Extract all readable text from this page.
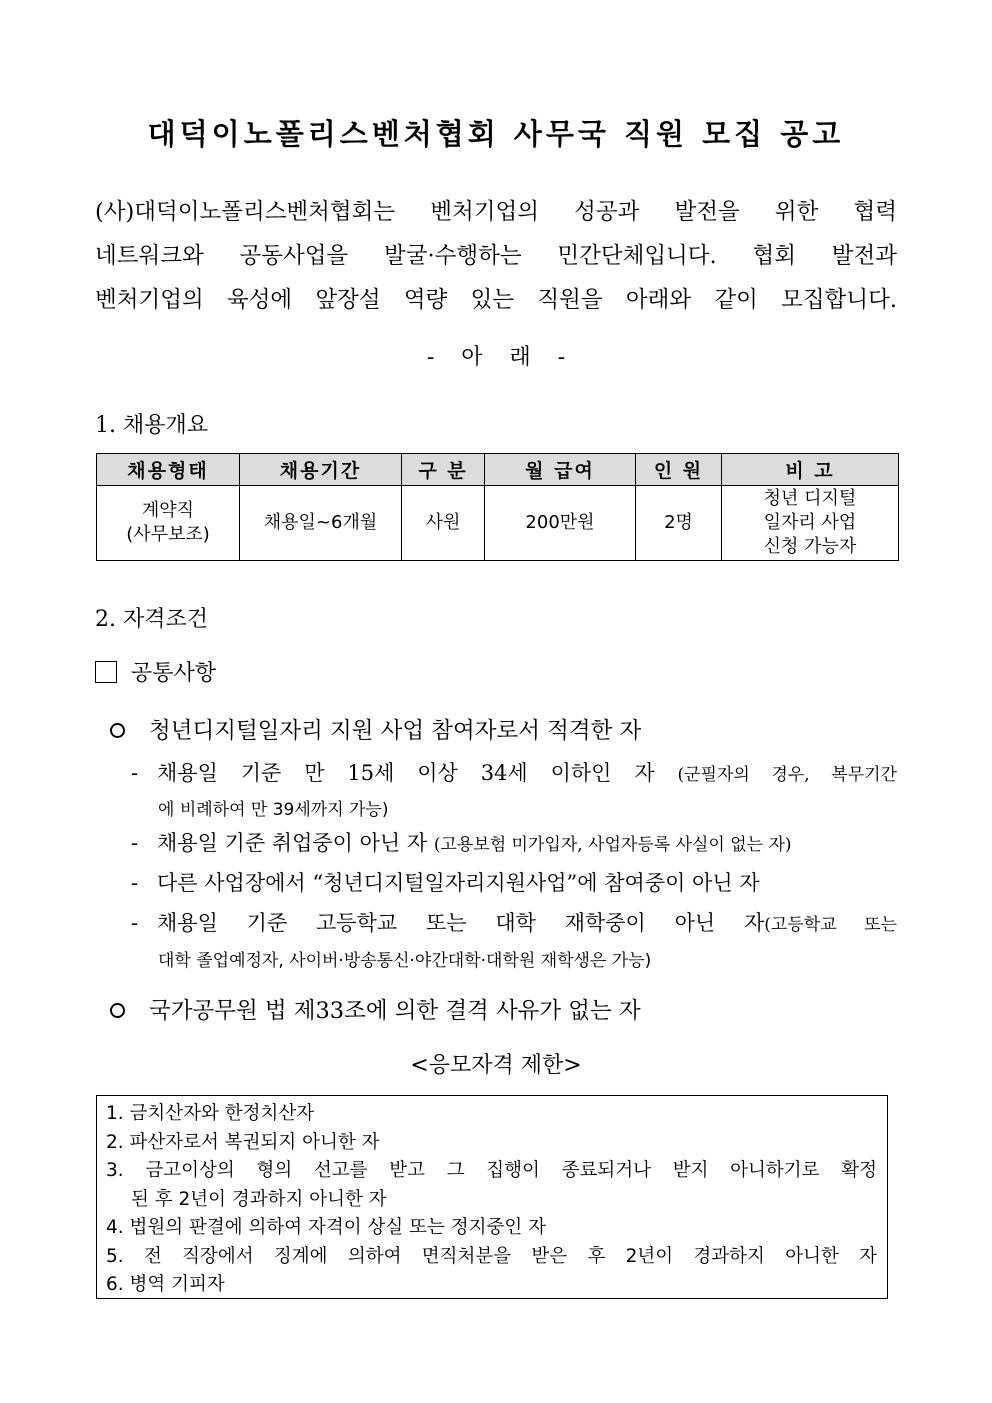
대덕이노폴리스벤처협회 사무국 직원 모집 공고
(사)대덕이노폴리스벤처협회는 벤처기업의 성공과 발전을 위한 협력
네트워크와 공동사업을 발굴·수행하는 민간단체입니다. 협회 발전과
벤처기업의 육성에 앞장설 역량 있는 직원을 아래와 같이 모집합니다.
- 아 래 -
1. 채용개요
채용형태	채용기간	구 분	월 급여	인 원	비 고

계약직
(사무보조)	채용일~6개월	사원	200만원	2명	청년 디지털
일자리 사업
신청 가능자
2. 자격조건
공통사항
청년디지털일자리 지원 사업 참여자로서 적격한 자
- 채용일 기준 만 15세 이상 34세 이하인 자 (군필자의 경우, 복무기간
에 비례하여 만 39세까지 가능)
- 채용일 기준 취업중이 아닌 자 (고용보험 미가입자, 사업자등록 사실이 없는 자)
- 다른 사업장에서 “청년디지털일자리지원사업”에 참여중이 아닌 자
- 채용일 기준 고등학교 또는 대학 재학중이 아닌 자(고등학교 또는
대학 졸업예정자, 사이버·방송통신·야간대학·대학원 재학생은 가능)
국가공무원 법 제33조에 의한 결격 사유가 없는 자
<응모자격 제한>
1. 금치산자와 한정치산자
2. 파산자로서 복권되지 아니한 자
3. 금고이상의 형의 선고를 받고 그 집행이 종료되거나 받지 아니하기로 확정
된 후 2년이 경과하지 아니한 자
4. 법원의 판결에 의하여 자격이 상실 또는 정지중인 자
5. 전 직장에서 징계에 의하여 면직처분을 받은 후 2년이 경과하지 아니한 자
6. 병역 기피자
